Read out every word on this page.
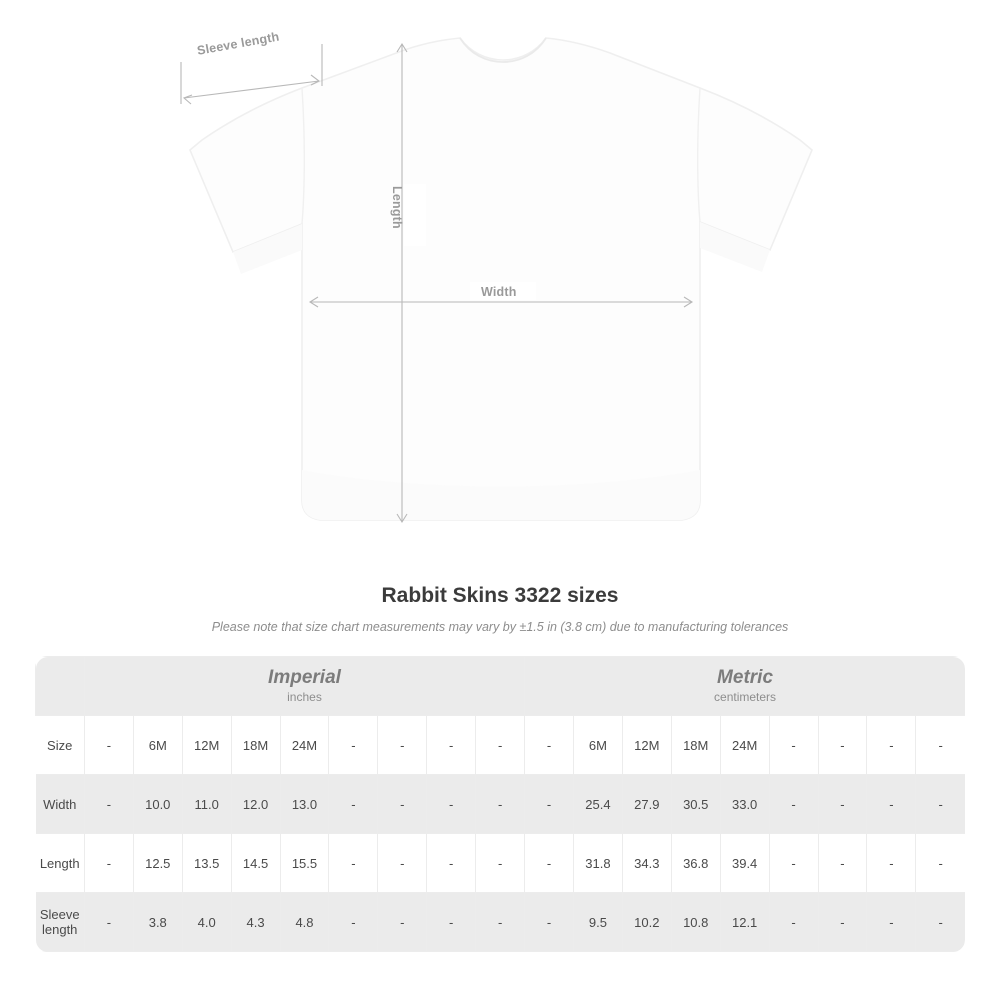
Sleeve length
Length
Width
Rabbit Skins 3322 sizes

Please note that size chart measurements may vary by ±1.5 in (3.8 cm) due to manufacturing tolerances

Imperial
inches

Metric
centimeters

Size	-	6M	12M	18M	24M	-	-	-	-	-	6M	12M	18M	24M	-	-	-	-
Width	-	10.0	11.0	12.0	13.0	-	-	-	-	-	25.4	27.9	30.5	33.0	-	-	-	-
Length	-	12.5	13.5	14.5	15.5	-	-	-	-	-	31.8	34.3	36.8	39.4	-	-	-	-
Sleeve length	-	3.8	4.0	4.3	4.8	-	-	-	-	-	9.5	10.2	10.8	12.1	-	-	-	-
